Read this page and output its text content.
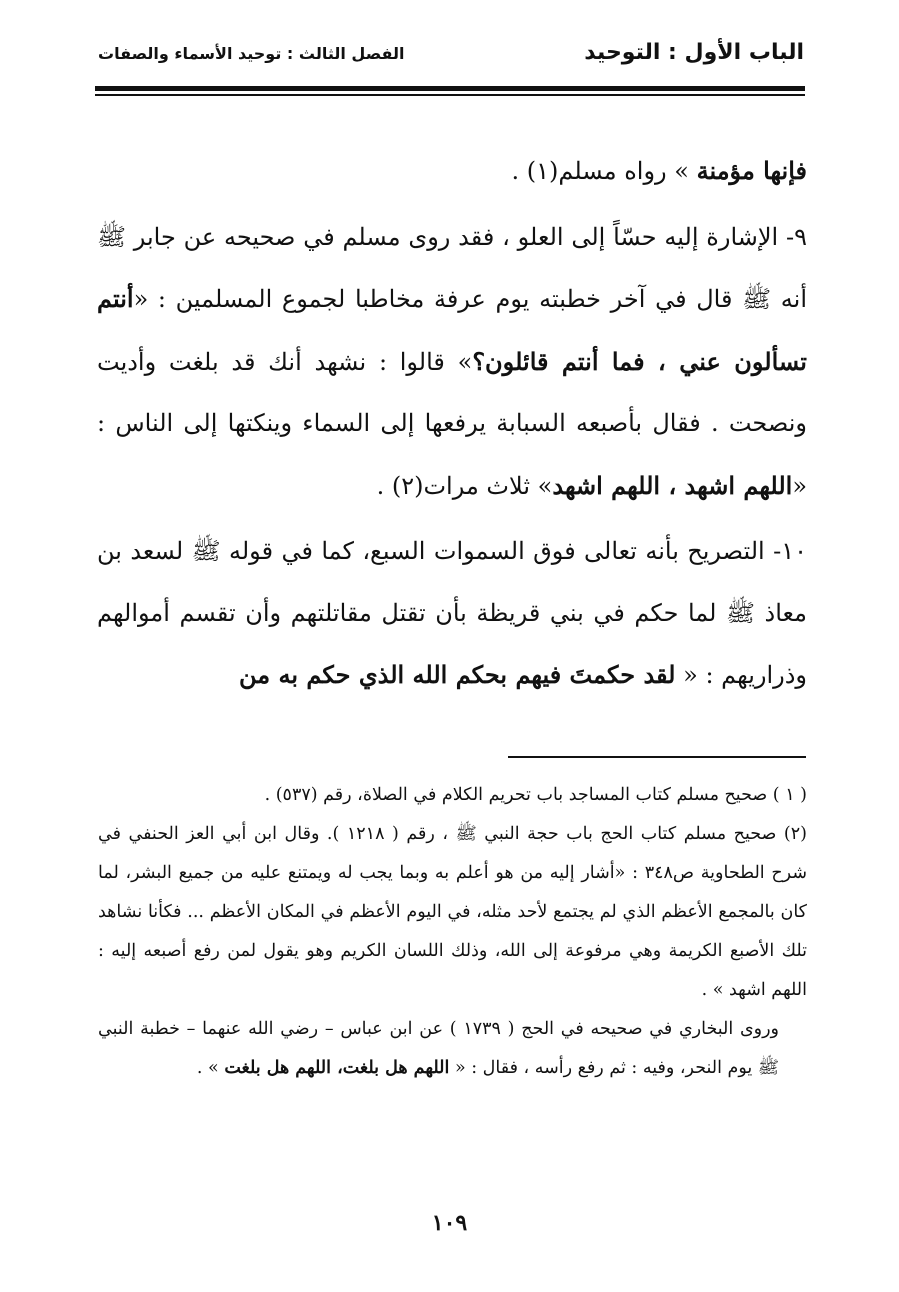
الباب الأول : التوحيد
الفصل الثالث : توحيد الأسماء والصفات

فإنها مؤمنة » رواه مسلم(١) .

٩- الإشارة إليه حسّاً إلى العلو ، فقد روى مسلم في صحيحه عن جابر ﷺ أنه ﷺ قال في آخر خطبته يوم عرفة مخاطبا لجموع المسلمين : «أنتم تسألون عني ، فما أنتم قائلون؟» قالوا : نشهد أنك قد بلغت وأديت ونصحت . فقال بأصبعه السبابة يرفعها إلى السماء وينكتها إلى الناس : «اللهم اشهد ، اللهم اشهد» ثلاث مرات(٢) .

١٠- التصريح بأنه تعالى فوق السموات السبع، كما في قوله ﷺ لسعد بن معاذ ﷺ لما حكم في بني قريظة بأن تقتل مقاتلتهم وأن تقسم أموالهم وذراريهم : « لقد حكمتَ فيهم بحكم الله الذي حكم به من

( ١ ) صحيح مسلم كتاب المساجد باب تحريم الكلام في الصلاة، رقم (٥٣٧) .

(٢) صحيح مسلم كتاب الحج باب حجة النبي ﷺ ، رقم ( ١٢١٨ ). وقال ابن أبي العز الحنفي في شرح الطحاوية ص٣٤٨ : «أشار إليه من هو أعلم به وبما يجب له ويمتنع عليه من جميع البشر، لما كان بالمجمع الأعظم الذي لم يجتمع لأحد مثله، في اليوم الأعظم في المكان الأعظم ... فكأنا نشاهد تلك الأصبع الكريمة وهي مرفوعة إلى الله، وذلك اللسان الكريم وهو يقول لمن رفع أصبعه إليه : اللهم اشهد » .

وروى البخاري في صحيحه في الحج ( ١٧٣٩ ) عن ابن عباس – رضي الله عنهما – خطبة النبي ﷺ يوم النحر، وفيه : ثم رفع رأسه ، فقال : « اللهم هل بلغت، اللهم هل بلغت » .

١٠٩
